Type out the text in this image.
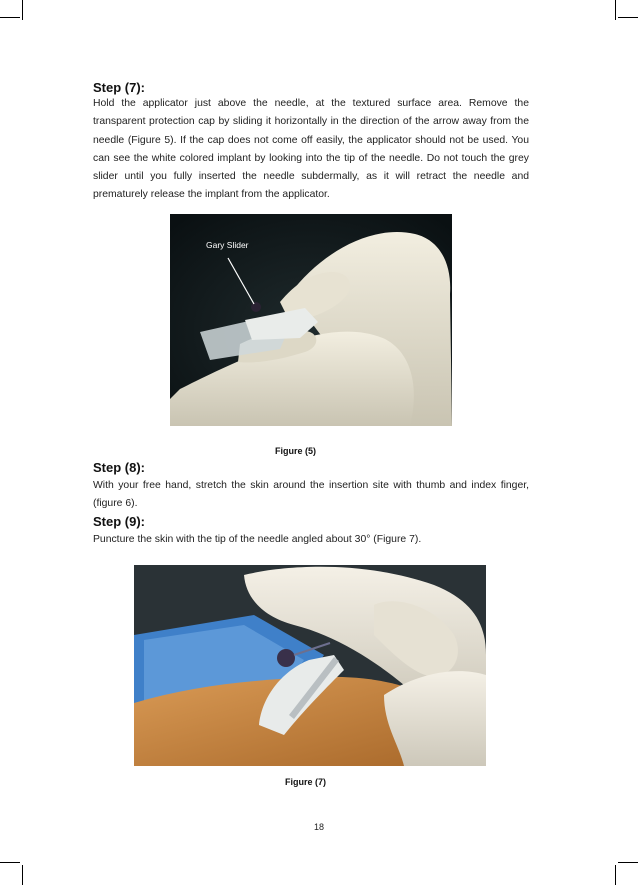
Step (7):
Hold the applicator just above the needle, at the textured surface area. Remove the transparent protection cap by sliding it horizontally in the direction of the arrow away from the needle (Figure 5). If the cap does not come off easily, the applicator should not be used. You can see the white colored implant by looking into the tip of the needle. Do not touch the grey slider until you fully inserted the needle subdermally, as it will retract the needle and prematurely release the implant from the applicator.
Gary Slider
Figure (5)
Step (8):
With your free hand, stretch the skin around the insertion site with thumb and index finger, (figure 6).
Step (9):
Puncture the skin with the tip of the needle angled about 30° (Figure 7).
Figure (7)
18
